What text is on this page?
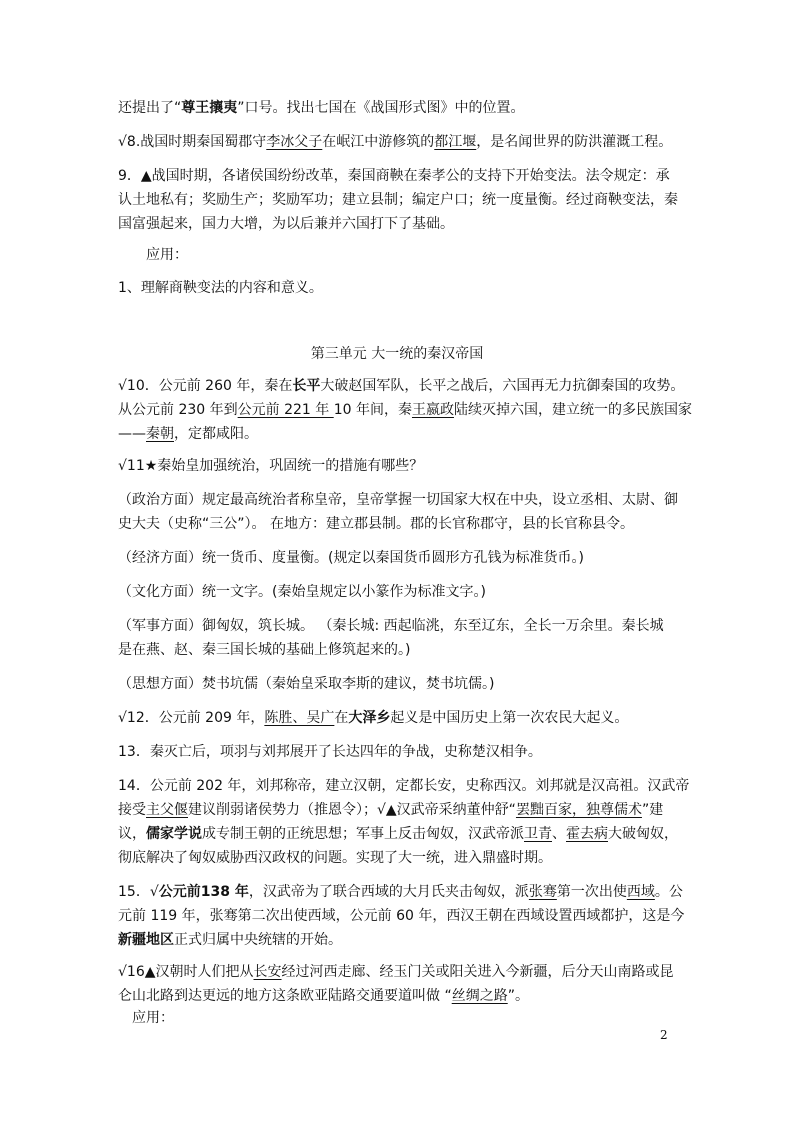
还提出了“尊王攘夷”口号。找出七国在《战国形式图》中的位置。

√8.战国时期秦国蜀郡守李冰父子在岷江中游修筑的都江堰，是名闻世界的防洪灌溉工程。

9．▲战国时期，各诸侯国纷纷改革，秦国商鞅在秦孝公的支持下开始变法。法令规定：承

认土地私有；奖励生产；奖励军功；建立县制；编定户口；统一度量衡。经过商鞅变法，秦

国富强起来，国力大增，为以后兼并六国打下了基础。

应用：

1、理解商鞅变法的内容和意义。

第三单元 大一统的秦汉帝国

√10．公元前 260 年，秦在长平大破赵国军队，长平之战后，六国再无力抗御秦国的攻势。

从公元前 230 年到公元前 221 年 10 年间，秦王嬴政陆续灭掉六国，建立统一的多民族国家

——秦朝，定都咸阳。

√11★秦始皇加强统治，巩固统一的措施有哪些？

（政治方面）规定最高统治者称皇帝，皇帝掌握一切国家大权在中央，设立丞相、太尉、御

史大夫（史称“三公”）。 在地方：建立郡县制。郡的长官称郡守，县的长官称县令。

（经济方面）统一货币、度量衡。(规定以秦国货币圆形方孔钱为标准货币。)

（文化方面）统一文字。(秦始皇规定以小篆作为标准文字。)

（军事方面）御匈奴，筑长城。 （秦长城: 西起临洮，东至辽东，全长一万余里。秦长城

是在燕、赵、秦三国长城的基础上修筑起来的。)

（思想方面）焚书坑儒（秦始皇采取李斯的建议，焚书坑儒。)

√12．公元前 209 年，陈胜、吴广在大泽乡起义是中国历史上第一次农民大起义。

13．秦灭亡后，项羽与刘邦展开了长达四年的争战，史称楚汉相争。

14．公元前 202 年，刘邦称帝，建立汉朝，定都长安，史称西汉。刘邦就是汉高祖。汉武帝

接受主父偃建议削弱诸侯势力（推恩令）；√▲汉武帝采纳董仲舒“罢黜百家，独尊儒术”建

议，儒家学说成专制王朝的正统思想；军事上反击匈奴，汉武帝派卫青、霍去病大破匈奴，

彻底解决了匈奴威胁西汉政权的问题。实现了大一统，进入鼎盛时期。

15．√公元前138 年，汉武帝为了联合西域的大月氏夹击匈奴，派张骞第一次出使西域。公

元前 119 年，张骞第二次出使西域，公元前 60 年，西汉王朝在西域设置西域都护，这是今

新疆地区正式归属中央统辖的开始。

√16▲汉朝时人们把从长安经过河西走廊、经玉门关或阳关进入今新疆，后分天山南路或昆

仑山北路到达更远的地方这条欧亚陆路交通要道叫做 “丝绸之路”。

应用：

2
